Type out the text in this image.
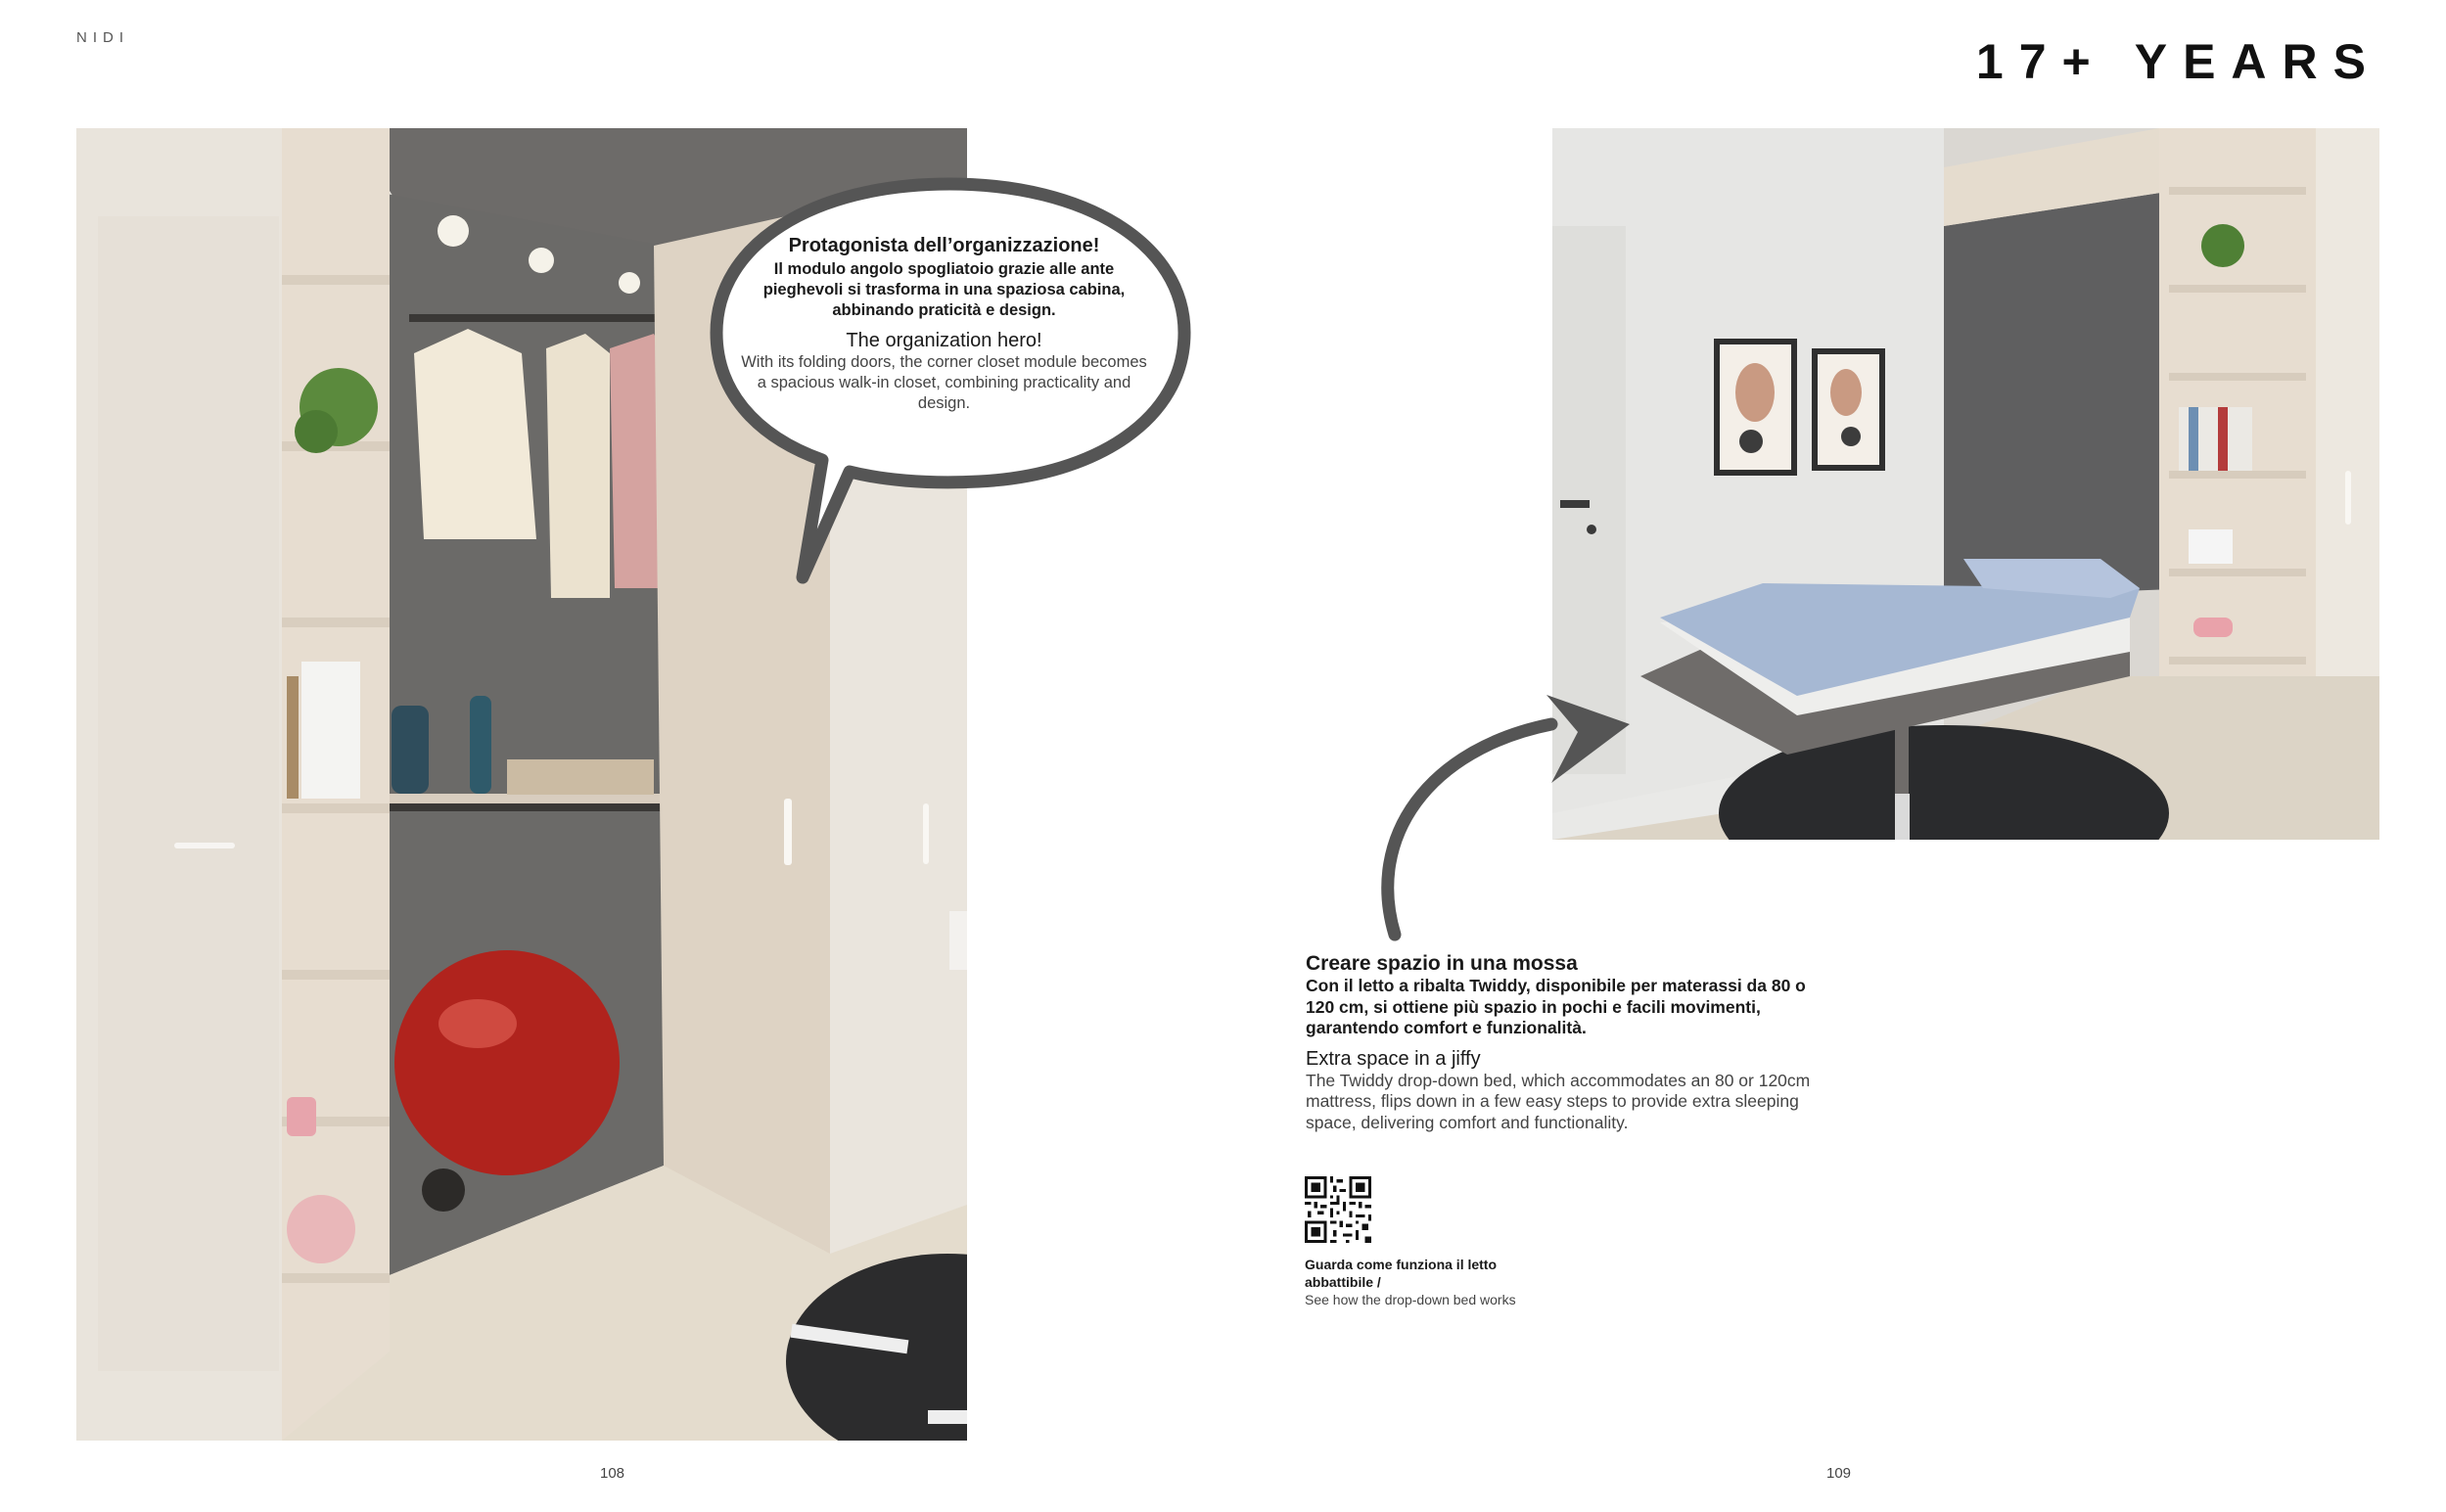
NIDI	17+ YEARS
Protagonista dell’organizzazione!
Il modulo angolo spogliatoio grazie alle ante pieghevoli si trasforma in una spaziosa cabina, abbinando praticità e design.
The organization hero!
With its folding doors, the corner closet module becomes a spacious walk-in closet, combining practicality and design.
Creare spazio in una mossa
Con il letto a ribalta Twiddy, disponibile per materassi da 80 o 120 cm, si ottiene più spazio in pochi e facili movimenti, garantendo comfort e funzionalità.
Extra space in a jiffy
The Twiddy drop-down bed, which accommodates an 80 or 120cm mattress, flips down in a few easy steps to provide extra sleeping space, delivering comfort and functionality.
Guarda come funziona il letto abbattibile /
See how the drop-down bed works
108	109
